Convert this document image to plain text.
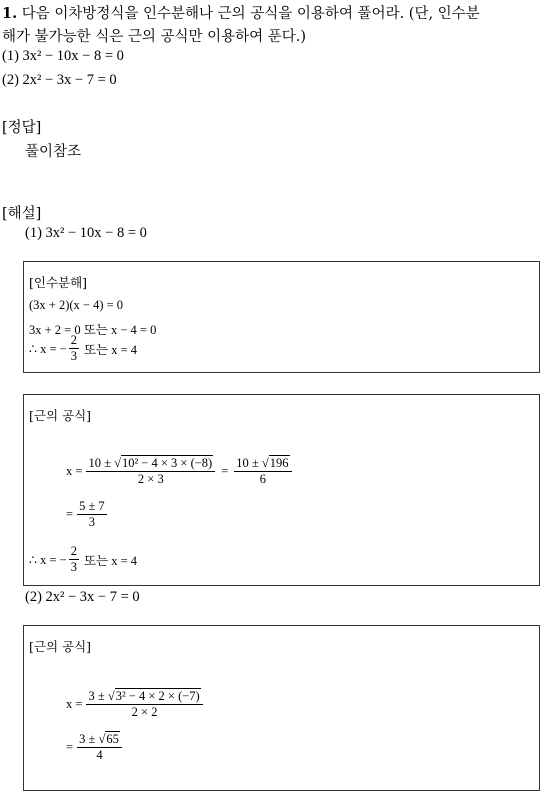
1. 다음 이차방정식을 인수분해나 근의 공식을 이용하여 풀어라. (단, 인수분
해가 불가능한 식은 근의 공식만 이용하여 푼다.)
(1) 3x² − 10x − 8 = 0
(2) 2x² − 3x − 7 = 0
[정답]
풀이참조
[해설]
(1) 3x² − 10x − 8 = 0
[인수분해]
(3x + 2)(x − 4) = 0
3x + 2 = 0 또는 x − 4 = 0
∴ x = − $\frac{2}{3}$ 또는 x = 4
[근의 공식]
$x = \frac{\text{10 ± √10² − 4 × 3 × (−8)}}{2 \times 3} = \frac{10 \pm √196}{6}$
= $\frac{5 \pm 7}{3}$
∴ x = − $\frac{2}{3}$ 또는 x = 4
(2) 2x² − 3x − 7 = 0
[근의 공식]
$x = \frac{\text{3 ± √3² − 4 × 2 × (−7)}}{2 \times 2}$
= $\frac{3 \pm √65}{4}$
